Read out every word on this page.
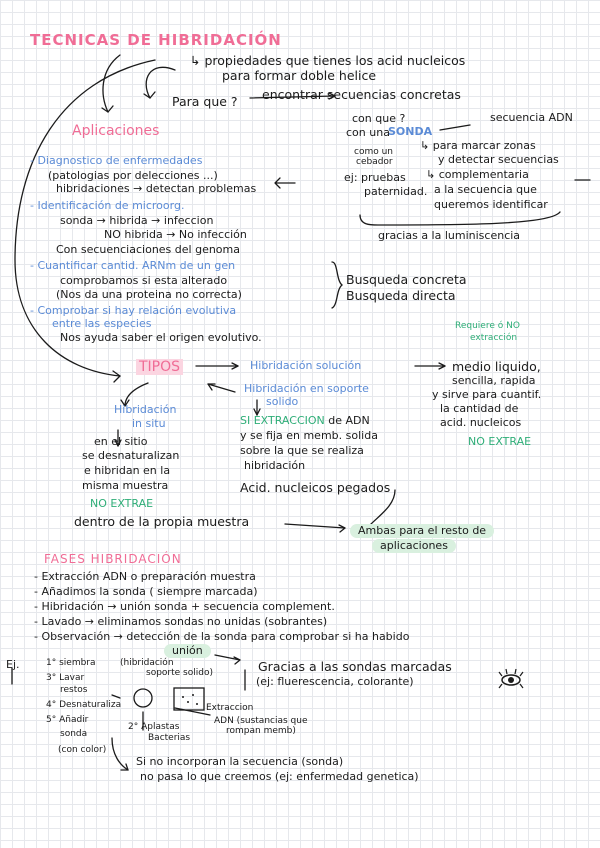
TECNICAS DE HIBRIDACIÓN
↳ propiedades que tienes los acid nucleicos
para formar doble helice
Para que ? encontrar secuencias concretas
con que ?	secuencia ADN
con una
SONDA
como un
cebador
↳ para marcar zonas
y detectar secuencias
ej: pruebas
paternidad.
↳ complementaria
a la secuencia que
queremos identificar
gracias a la luminiscencia
Aplicaciones
- Diagnostico de enfermedades
(patologias por delecciones ...)
hibridaciones → detectan problemas
- Identificación de microorg.
sonda → hibrida → infeccion
NO hibrida → No infección
Con secuenciaciones del genoma
- Cuantificar cantid. ARNm de un gen
comprobamos si esta alterado
(Nos da una proteina no correcta)
Busqueda concreta
Busqueda directa
- Comprobar si hay relación evolutiva
entre las especies
Nos ayuda saber el origen evolutivo.
Requiere ó NO
extracción
TIPOS	Hibridación solución	medio liquido,
sencilla, rapida
y sirve para cuantif.
la cantidad de
acid. nucleicos
NO EXTRAE
Hibridación en soporte
solido
SI EXTRACCION de ADN
y se fija en memb. solida
sobre la que se realiza
hibridación
Acid. nucleicos pegados
Hibridación
in situ
en el sitio
se desnaturalizan
e hibridan en la
misma muestra
NO EXTRAE
dentro de la propia muestra
Ambas para el resto de
aplicaciones
FASES HIBRIDACIÓN
- Extracción ADN o preparación muestra
- Añadimos la sonda ( siempre marcada)
- Hibridación → unión sonda + secuencia complement.
- Lavado → eliminamos sondas no unidas (sobrantes)
- Observación → detección de la sonda para comprobar si ha habido
unión
Ej.	1° siembra	(hibridación
soporte solido)
3° Lavar
restos
4° Desnaturaliza
5° Añadir
sonda
(con color)
2° Aplastas
Bacterias
Extraccion
ADN (sustancias que
rompan memb)
Gracias a las sondas marcadas
(ej: fluerescencia, colorante)
Si no incorporan la secuencia (sonda)
no pasa lo que creemos (ej: enfermedad genetica)
